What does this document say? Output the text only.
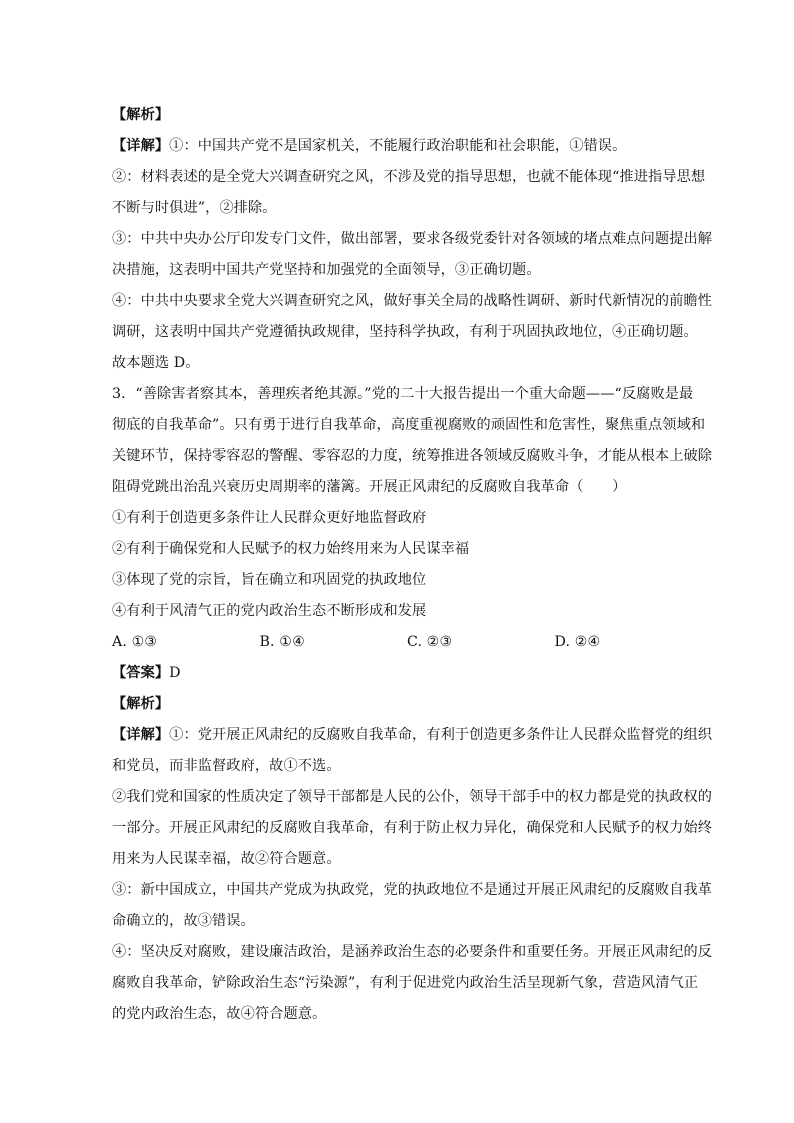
【解析】
【详解】①：中国共产党不是国家机关，不能履行政治职能和社会职能，①错误。
②：材料表述的是全党大兴调查研究之风，不涉及党的指导思想，也就不能体现“推进指导思想
不断与时俱进”，②排除。
③：中共中央办公厅印发专门文件，做出部署，要求各级党委针对各领域的堵点难点问题提出解
决措施，这表明中国共产党坚持和加强党的全面领导，③正确切题。
④：中共中央要求全党大兴调查研究之风，做好事关全局的战略性调研、新时代新情况的前瞻性
调研，这表明中国共产党遵循执政规律，坚持科学执政，有利于巩固执政地位，④正确切题。
故本题选 D。
3．“善除害者察其本，善理疾者绝其源。”党的二十大报告提出一个重大命题——“反腐败是最
彻底的自我革命”。只有勇于进行自我革命，高度重视腐败的顽固性和危害性，聚焦重点领域和
关键环节，保持零容忍的警醒、零容忍的力度，统筹推进各领域反腐败斗争，才能从根本上破除
阻碍党跳出治乱兴衰历史周期率的藩篱。开展正风肃纪的反腐败自我革命（　　）
①有利于创造更多条件让人民群众更好地监督政府
②有利于确保党和人民赋予的权力始终用来为人民谋幸福
③体现了党的宗旨，旨在确立和巩固党的执政地位
④有利于风清气正的党内政治生态不断形成和发展
A. ①③	B. ①④	C. ②③	D. ②④
【答案】D
【解析】
【详解】①：党开展正风肃纪的反腐败自我革命，有利于创造更多条件让人民群众监督党的组织
和党员，而非监督政府，故①不选。
②我们党和国家的性质决定了领导干部都是人民的公仆，领导干部手中的权力都是党的执政权的
一部分。开展正风肃纪的反腐败自我革命，有利于防止权力异化，确保党和人民赋予的权力始终
用来为人民谋幸福，故②符合题意。
③：新中国成立，中国共产党成为执政党，党的执政地位不是通过开展正风肃纪的反腐败自我革
命确立的，故③错误。
④：坚决反对腐败，建设廉洁政治，是涵养政治生态的必要条件和重要任务。开展正风肃纪的反
腐败自我革命，铲除政治生态“污染源”，有利于促进党内政治生活呈现新气象，营造风清气正
的党内政治生态，故④符合题意。
